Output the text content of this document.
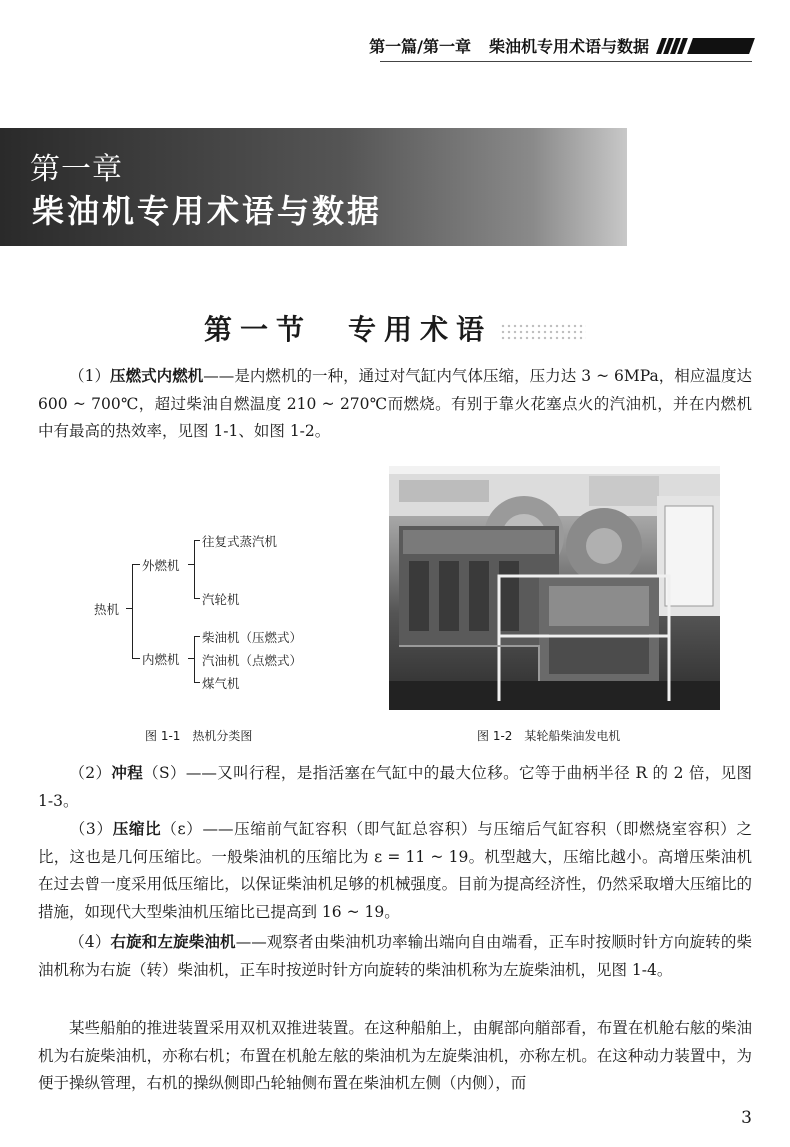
第一篇/第一章 柴油机专用术语与数据
第一章
柴油机专用术语与数据
第一节　专用术语
（1）压燃式内燃机——是内燃机的一种，通过对气缸内气体压缩，压力达 3 ~ 6MPa，相应温度达 600 ~ 700℃，超过柴油自燃温度 210 ~ 270℃而燃烧。有别于靠火花塞点火的汽油机，并在内燃机中有最高的热效率，见图 1-1、如图 1-2。
热机
外燃机
内燃机
往复式蒸汽机
汽轮机
柴油机（压燃式）
汽油机（点燃式）
煤气机
图 1-1　热机分类图	图 1-2　某轮船柴油发电机
（2）冲程（S）——又叫行程，是指活塞在气缸中的最大位移。它等于曲柄半径 R 的 2 倍，见图 1-3。
（3）压缩比（ε）——压缩前气缸容积（即气缸总容积）与压缩后气缸容积（即燃烧室容积）之比，这也是几何压缩比。一般柴油机的压缩比为 ε = 11 ~ 19。机型越大，压缩比越小。高增压柴油机在过去曾一度采用低压缩比，以保证柴油机足够的机械强度。目前为提高经济性，仍然采取增大压缩比的措施，如现代大型柴油机压缩比已提高到 16 ~ 19。
（4）右旋和左旋柴油机——观察者由柴油机功率输出端向自由端看，正车时按顺时针方向旋转的柴油机称为右旋（转）柴油机，正车时按逆时针方向旋转的柴油机称为左旋柴油机，见图 1-4。
某些船舶的推进装置采用双机双推进装置。在这种船舶上，由艉部向艏部看，布置在机舱右舷的柴油机为右旋柴油机，亦称右机；布置在机舱左舷的柴油机为左旋柴油机，亦称左机。在这种动力装置中，为便于操纵管理，右机的操纵侧即凸轮轴侧布置在柴油机左侧（内侧），而
3
